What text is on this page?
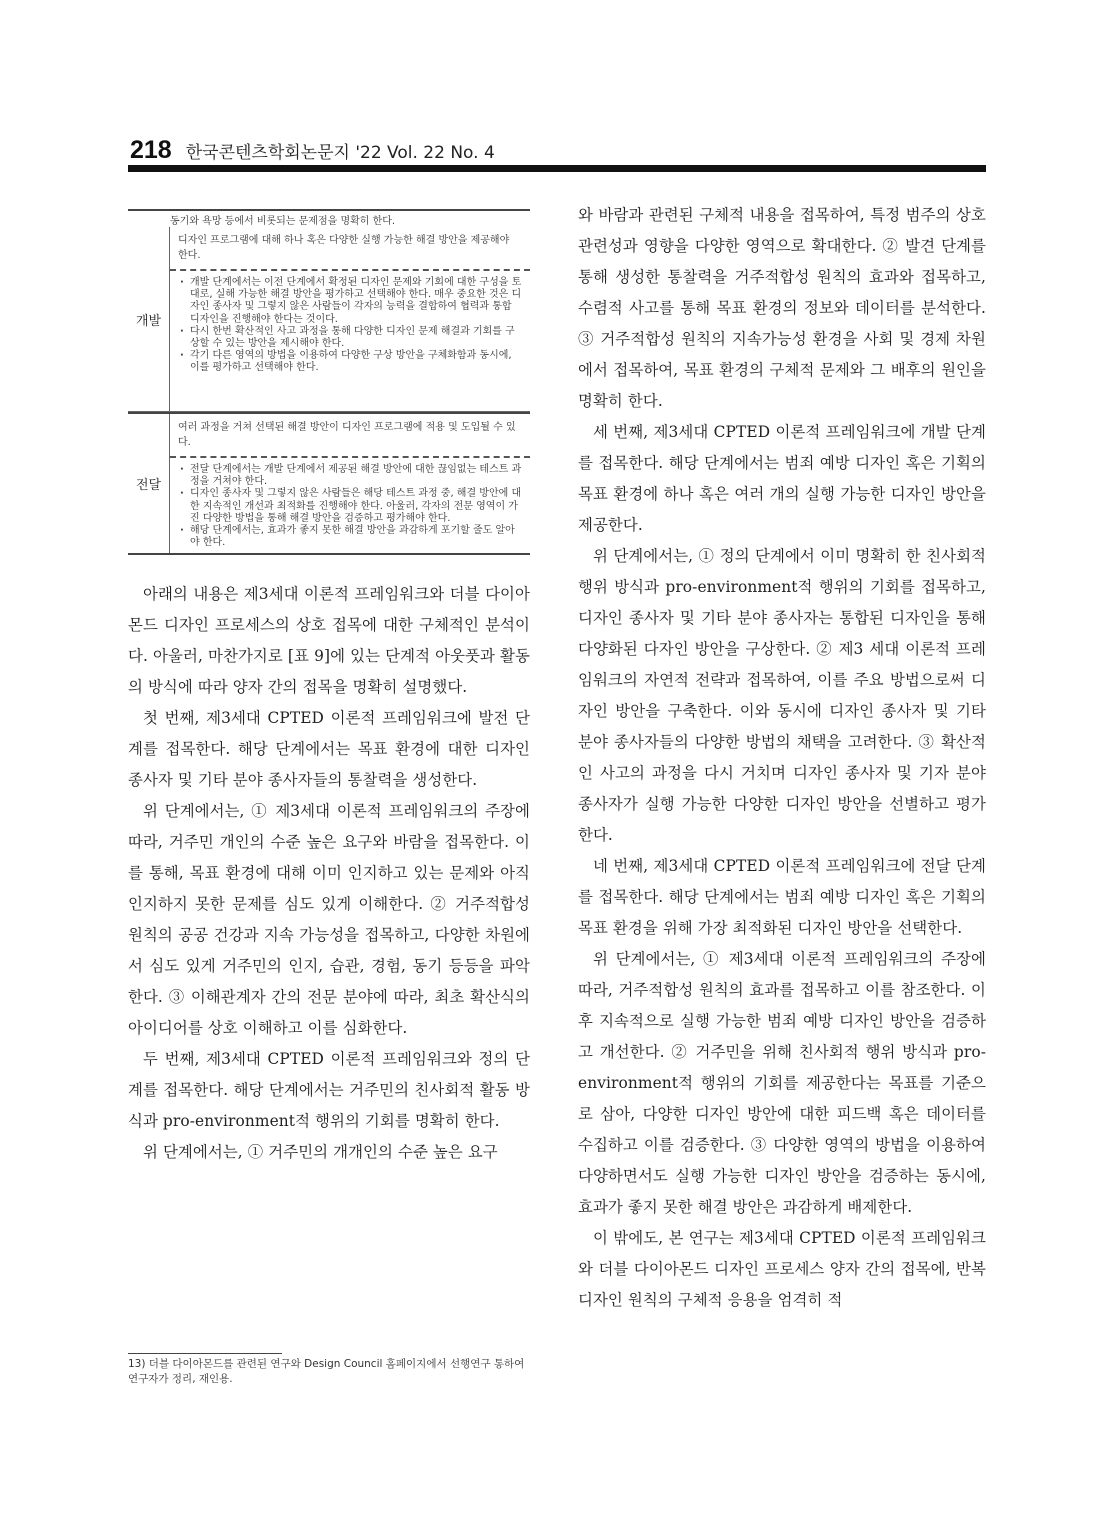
218 한국콘텐츠학회논문지 '22 Vol. 22 No. 4
동기와 욕망 등에서 비롯되는 문제점을 명확히 한다.
개발
디자인 프로그램에 대해 하나 혹은 다양한 실행 가능한 해결 방안을 제공해야 한다.
· 개발 단계에서는 이전 단계에서 확정된 디자인 문제와 기회에 대한 구성을 토대로, 실해 가능한 해결 방안을 평가하고 선택해야 한다. 매우 중요한 것은 디자인 종사자 및 그렇지 않은 사람들이 각자의 능력을 결합하여 협력과 통합 디자인을 진행해야 한다는 것이다.
· 다시 한번 확산적인 사고 과정을 통해 다양한 디자인 문제 해결과 기회를 구상할 수 있는 방안을 제시해야 한다.
· 각기 다른 영역의 방법을 이용하여 다양한 구상 방안을 구체화함과 동시에, 이를 평가하고 선택해야 한다.
전달
여러 과정을 거쳐 선택된 해결 방안이 디자인 프로그램에 적용 및 도입될 수 있다.
· 전달 단계에서는 개발 단계에서 제공된 해결 방안에 대한 끊임없는 테스트 과정을 거쳐야 한다.
· 디자인 종사자 및 그렇지 않은 사람들은 해당 테스트 과정 중, 해결 방안에 대한 지속적인 개선과 최적화를 진행해야 한다. 아울러, 각자의 전문 영역이 가진 다양한 방법을 통해 해결 방안을 검증하고 평가해야 한다.
· 해당 단계에서는, 효과가 좋지 못한 해결 방안을 과감하게 포기할 줄도 알아야 한다.

아래의 내용은 제3세대 이론적 프레임워크와 더블 다이아몬드 디자인 프로세스의 상호 접목에 대한 구체적인 분석이다. 아울러, 마찬가지로 [표 9]에 있는 단계적 아웃풋과 활동의 방식에 따라 양자 간의 접목을 명확히 설명했다.

첫 번째, 제3세대 CPTED 이론적 프레임워크에 발전 단계를 접목한다. 해당 단계에서는 목표 환경에 대한 디자인 종사자 및 기타 분야 종사자들의 통찰력을 생성한다.

위 단계에서는, ① 제3세대 이론적 프레임워크의 주장에 따라, 거주민 개인의 수준 높은 요구와 바람을 접목한다. 이를 통해, 목표 환경에 대해 이미 인지하고 있는 문제와 아직 인지하지 못한 문제를 심도 있게 이해한다. ② 거주적합성 원칙의 공공 건강과 지속 가능성을 접목하고, 다양한 차원에서 심도 있게 거주민의 인지, 습관, 경험, 동기 등등을 파악한다. ③ 이해관계자 간의 전문 분야에 따라, 최초 확산식의 아이디어를 상호 이해하고 이를 심화한다.

두 번째, 제3세대 CPTED 이론적 프레임워크와 정의 단계를 접목한다. 해당 단계에서는 거주민의 친사회적 활동 방식과 pro-environment적 행위의 기회를 명확히 한다.

위 단계에서는, ① 거주민의 개개인의 수준 높은 요구

13) 더블 다이아몬드를 관련된 연구와 Design Council 홈페이지에서 선행연구 통하여 연구자가 정리, 재인용.

와 바람과 관련된 구체적 내용을 접목하여, 특정 범주의 상호 관련성과 영향을 다양한 영역으로 확대한다. ② 발견 단계를 통해 생성한 통찰력을 거주적합성 원칙의 효과와 접목하고, 수렴적 사고를 통해 목표 환경의 정보와 데이터를 분석한다. ③ 거주적합성 원칙의 지속가능성 환경을 사회 및 경제 차원에서 접목하여, 목표 환경의 구체적 문제와 그 배후의 원인을 명확히 한다.

세 번째, 제3세대 CPTED 이론적 프레임워크에 개발 단계를 접목한다. 해당 단계에서는 범죄 예방 디자인 혹은 기획의 목표 환경에 하나 혹은 여러 개의 실행 가능한 디자인 방안을 제공한다.

위 단계에서는, ① 정의 단계에서 이미 명확히 한 친사회적 행위 방식과 pro-environment적 행위의 기회를 접목하고, 디자인 종사자 및 기타 분야 종사자는 통합된 디자인을 통해 다양화된 다자인 방안을 구상한다. ② 제3 세대 이론적 프레임워크의 자연적 전략과 접목하여, 이를 주요 방법으로써 디자인 방안을 구축한다. 이와 동시에 디자인 종사자 및 기타 분야 종사자들의 다양한 방법의 채택을 고려한다. ③ 확산적인 사고의 과정을 다시 거치며 디자인 종사자 및 기자 분야 종사자가 실행 가능한 다양한 디자인 방안을 선별하고 평가한다.

네 번째, 제3세대 CPTED 이론적 프레임워크에 전달 단계를 접목한다. 해당 단계에서는 범죄 예방 디자인 혹은 기획의 목표 환경을 위해 가장 최적화된 디자인 방안을 선택한다.

위 단계에서는, ① 제3세대 이론적 프레임워크의 주장에 따라, 거주적합성 원칙의 효과를 접목하고 이를 참조한다. 이후 지속적으로 실행 가능한 범죄 예방 디자인 방안을 검증하고 개선한다. ② 거주민을 위해 친사회적 행위 방식과 pro-environment적 행위의 기회를 제공한다는 목표를 기준으로 삼아, 다양한 디자인 방안에 대한 피드백 혹은 데이터를 수집하고 이를 검증한다. ③ 다양한 영역의 방법을 이용하여 다양하면서도 실행 가능한 디자인 방안을 검증하는 동시에, 효과가 좋지 못한 해결 방안은 과감하게 배제한다.

이 밖에도, 본 연구는 제3세대 CPTED 이론적 프레임워크와 더블 다이아몬드 디자인 프로세스 양자 간의 접목에, 반복 디자인 원칙의 구체적 응용을 엄격히 적
